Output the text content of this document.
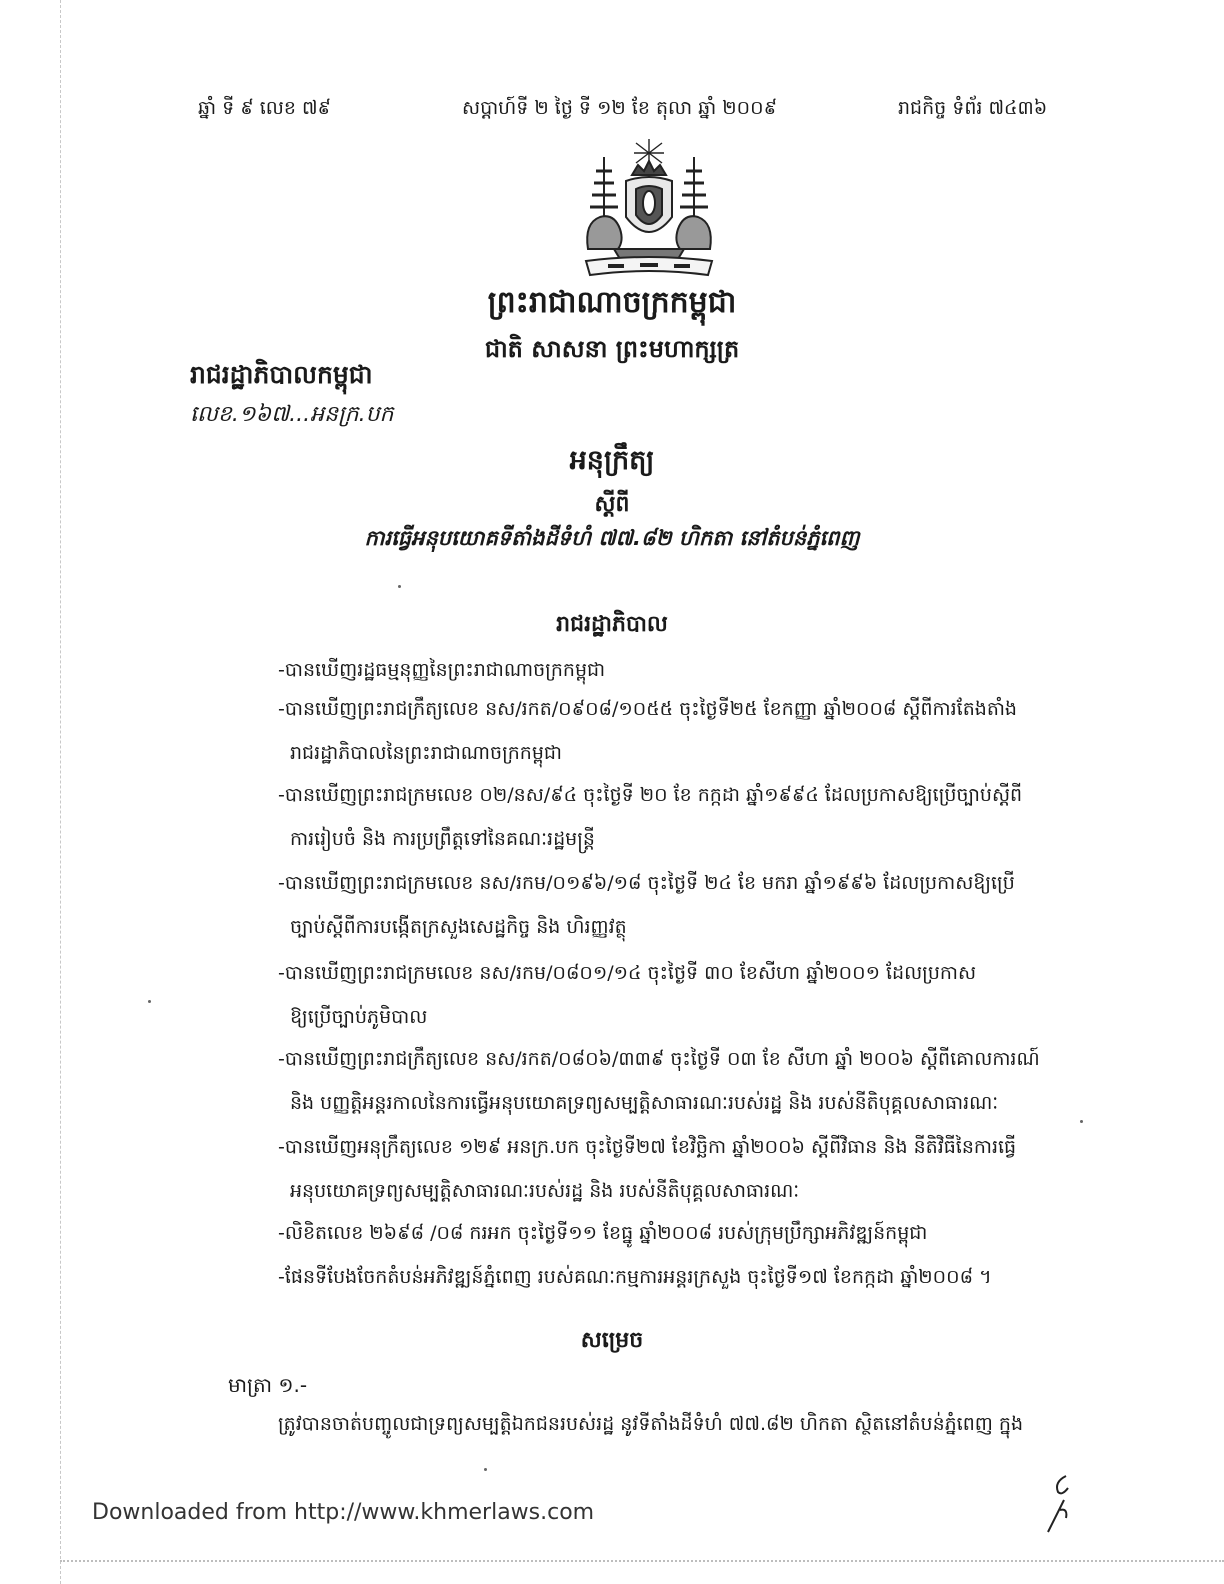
ឆ្នាំ ទី ៩ លេខ ៧៩	សប្តាហ៍ទី ២ ថ្ងៃ ទី ១២ ខែ តុលា ឆ្នាំ ២០០៩	រាជកិច្ច ទំព័រ ៧៤៣៦
ព្រះរាជាណាចក្រកម្ពុជា
ជាតិ សាសនា ព្រះមហាក្សត្រ
រាជរដ្ឋាភិបាលកម្ពុជា
លេខ.១៦៧...អនក្រ.បក
អនុក្រឹត្យ
ស្តីពី
ការធ្វើអនុបយោគទីតាំងដីទំហំ ៧៧.៨២ ហិកតា នៅតំបន់ភ្នំពេញ
រាជរដ្ឋាភិបាល
-បានឃើញរដ្ឋធម្មនុញ្ញនៃព្រះរាជាណាចក្រកម្ពុជា
-បានឃើញព្រះរាជក្រឹត្យលេខ នស/រកត/០៩០៨/១០៥៥ ចុះថ្ងៃទី២៥ ខែកញ្ញា ឆ្នាំ២០០៨ ស្តីពីការតែងតាំង
រាជរដ្ឋាភិបាលនៃព្រះរាជាណាចក្រកម្ពុជា
-បានឃើញព្រះរាជក្រមលេខ ០២/នស/៩៤ ចុះថ្ងៃទី ២០ ខែ កក្កដា ឆ្នាំ១៩៩៤ ដែលប្រកាសឱ្យប្រើច្បាប់ស្តីពី
ការរៀបចំ និង ការប្រព្រឹត្តទៅនៃគណៈរដ្ឋមន្ត្រី
-បានឃើញព្រះរាជក្រមលេខ នស/រកម/០១៩៦/១៨ ចុះថ្ងៃទី ២៤ ខែ មករា ឆ្នាំ១៩៩៦ ដែលប្រកាសឱ្យប្រើ
ច្បាប់ស្តីពីការបង្កើតក្រសួងសេដ្ឋកិច្ច និង ហិរញ្ញវត្ថុ
-បានឃើញព្រះរាជក្រមលេខ នស/រកម/០៨០១/១៤ ចុះថ្ងៃទី ៣០ ខែសីហា ឆ្នាំ២០០១ ដែលប្រកាស
ឱ្យប្រើច្បាប់ភូមិបាល
-បានឃើញព្រះរាជក្រឹត្យលេខ នស/រកត/០៨០៦/៣៣៩ ចុះថ្ងៃទី ០៣ ខែ សីហា ឆ្នាំ ២០០៦ ស្តីពីគោលការណ៍
និង បញ្ញត្តិអន្តរកាលនៃការធ្វើអនុបយោគទ្រព្យសម្បត្តិសាធារណៈរបស់រដ្ឋ និង របស់នីតិបុគ្គលសាធារណៈ
-បានឃើញអនុក្រឹត្យលេខ ១២៩ អនក្រ.បក ចុះថ្ងៃទី២៧ ខែវិច្ឆិកា ឆ្នាំ២០០៦ ស្តីពីវិធាន និង នីតិវិធីនៃការធ្វើ
អនុបយោគទ្រព្យសម្បត្តិសាធារណៈរបស់រដ្ឋ និង របស់នីតិបុគ្គលសាធារណៈ
-លិខិតលេខ ២៦៩៨ /០៨ ករអក ចុះថ្ងៃទី១១ ខែធ្នូ ឆ្នាំ២០០៨ របស់ក្រុមប្រឹក្សាអភិវឌ្ឍន៍កម្ពុជា
-ផែនទីបែងចែកតំបន់អភិវឌ្ឍន៍ភ្នំពេញ របស់គណៈកម្មការអន្តរក្រសួង ចុះថ្ងៃទី១៧ ខែកក្កដា ឆ្នាំ២០០៨ ។
សម្រេច
មាត្រា ១.-
ត្រូវបានចាត់បញ្ចូលជាទ្រព្យសម្បត្តិឯកជនរបស់រដ្ឋ នូវទីតាំងដីទំហំ ៧៧.៨២ ហិកតា ស្ថិតនៅតំបន់ភ្នំពេញ ក្នុង
Downloaded from http://www.khmerlaws.com
